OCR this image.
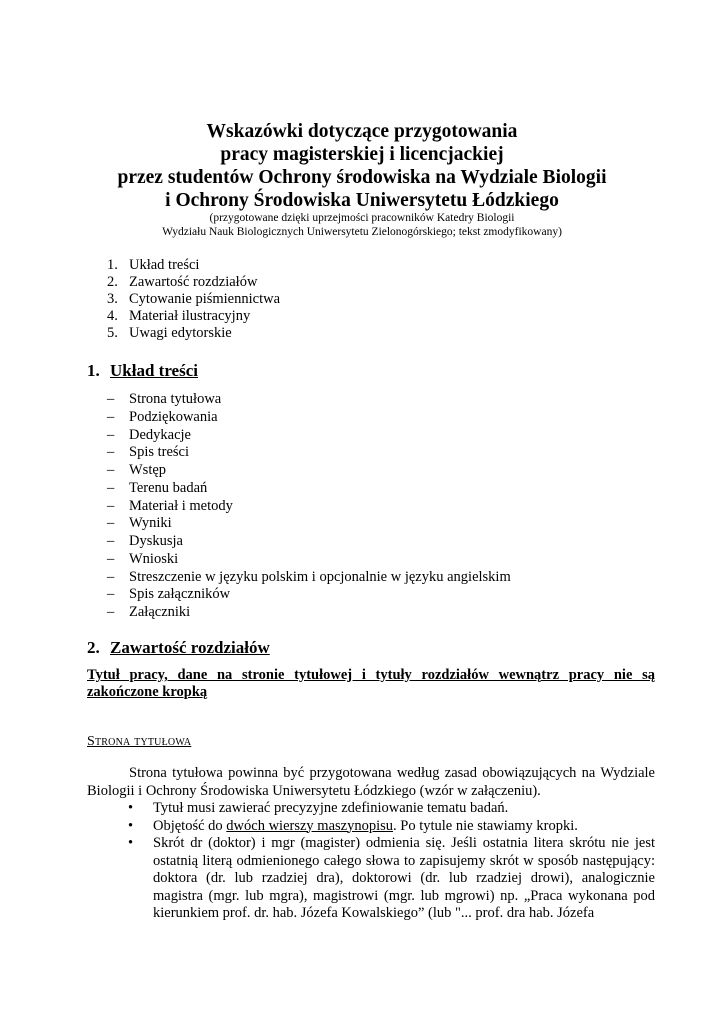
Wskazówki dotyczące przygotowania
pracy magisterskiej i licencjackiej
przez studentów Ochrony środowiska na Wydziale Biologii
i Ochrony Środowiska Uniwersytetu Łódzkiego
(przygotowane dzięki uprzejmości pracowników Katedry Biologii
Wydziału Nauk Biologicznych Uniwersytetu Zielonogórskiego; tekst zmodyfikowany)
1. Układ treści
2. Zawartość rozdziałów
3. Cytowanie piśmiennictwa
4. Materiał ilustracyjny
5. Uwagi edytorskie
1. Układ treści
– Strona tytułowa
– Podziękowania
– Dedykacje
– Spis treści
– Wstęp
– Terenu badań
– Materiał i metody
– Wyniki
– Dyskusja
– Wnioski
– Streszczenie w języku polskim i opcjonalnie w języku angielskim
– Spis załączników
– Załączniki
2. Zawartość rozdziałów
Tytuł pracy, dane na stronie tytułowej i tytuły rozdziałów wewnątrz pracy nie są zakończone kropką
Strona tytułowa
Strona tytułowa powinna być przygotowana według zasad obowiązujących na Wydziale Biologii i Ochrony Środowiska Uniwersytetu Łódzkiego (wzór w załączeniu).
• Tytuł musi zawierać precyzyjne zdefiniowanie tematu badań.
• Objętość do dwóch wierszy maszynopisu. Po tytule nie stawiamy kropki.
• Skrót dr (doktor) i mgr (magister) odmienia się. Jeśli ostatnia litera skrótu nie jest ostatnią literą odmienionego całego słowa to zapisujemy skrót w sposób następujący: doktora (dr. lub rzadziej dra), doktorowi (dr. lub rzadziej drowi), analogicznie magistra (mgr. lub mgra), magistrowi (mgr. lub mgrowi) np. „Praca wykonana pod kierunkiem prof. dr. hab. Józefa Kowalskiego” (lub "... prof. dra hab. Józefa
